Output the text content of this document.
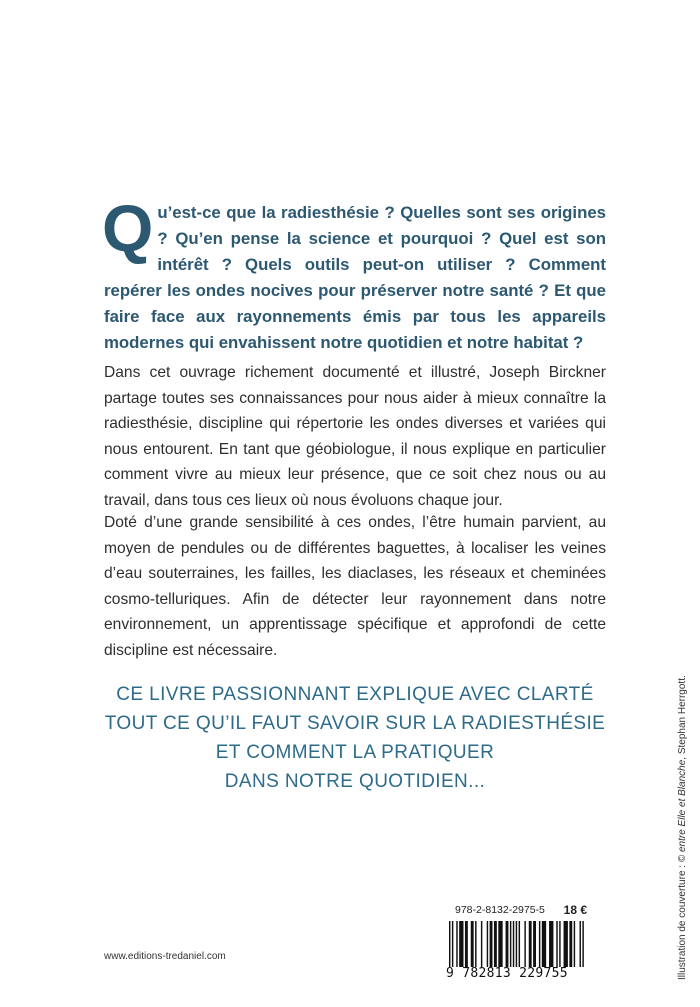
Q u’est-ce que la radiesthésie ? Quelles sont ses origines ? Qu’en pense la science et pourquoi ? Quel est son intérêt ? Quels outils peut-on utiliser ? Comment repérer les ondes nocives pour préserver notre santé ? Et que faire face aux rayonnements émis par tous les appareils modernes qui envahissent notre quotidien et notre habitat ?
Dans cet ouvrage richement documenté et illustré, Joseph Birckner partage toutes ses connaissances pour nous aider à mieux connaître la radiesthésie, discipline qui répertorie les ondes diverses et variées qui nous entourent. En tant que géobiologue, il nous explique en particulier comment vivre au mieux leur présence, que ce soit chez nous ou au travail, dans tous ces lieux où nous évoluons chaque jour.
Doté d’une grande sensibilité à ces ondes, l’être humain parvient, au moyen de pendules ou de différentes baguettes, à localiser les veines d’eau souterraines, les failles, les diaclases, les réseaux et cheminées cosmo-telluriques. Afin de détecter leur rayonnement dans notre environnement, un apprentissage spécifique et approfondi de cette discipline est nécessaire.
CE LIVRE PASSIONNANT EXPLIQUE AVEC CLARTÉ
TOUT CE QU’IL FAUT SAVOIR SUR LA RADIESTHÉSIE
ET COMMENT LA PRATIQUER
DANS NOTRE QUOTIDIEN...
Illustration de couverture : © entre Elle et Blanche, Stephan Herrgott.
978-2-8132-2975-5 18 €
9 782813 229755
www.editions-tredaniel.com
